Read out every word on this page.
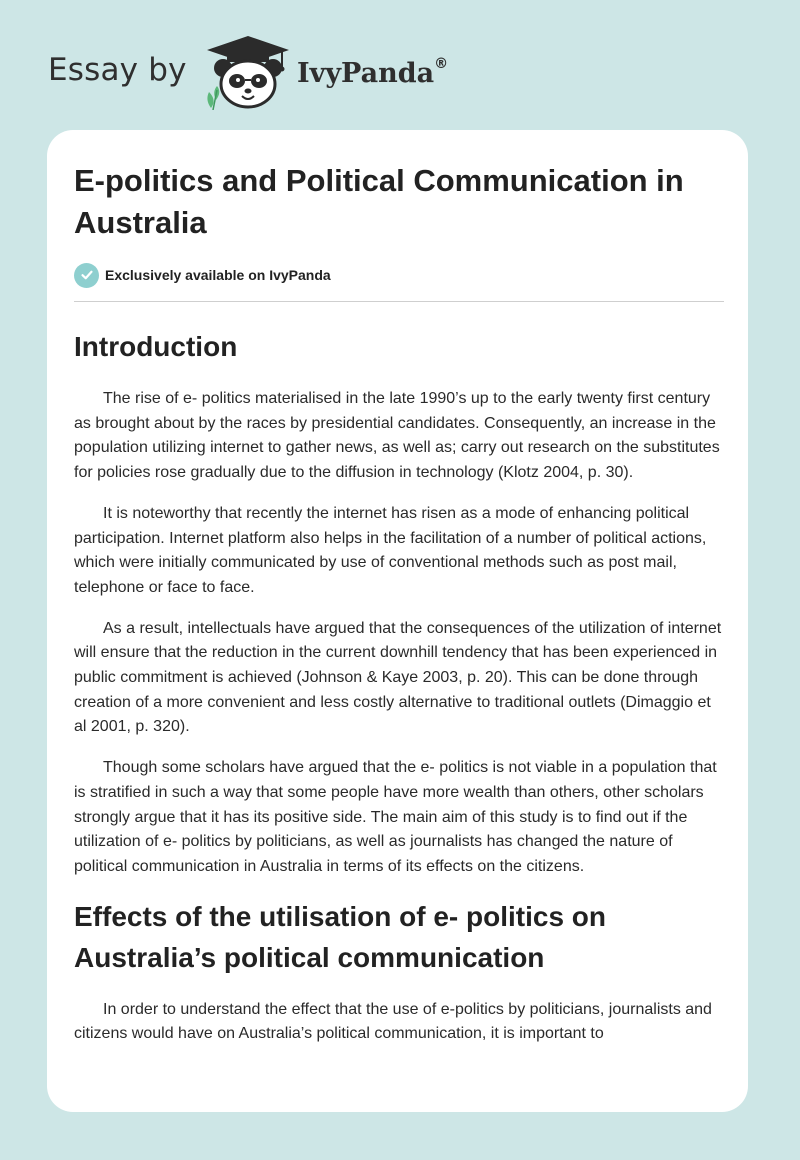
Essay by	IvyPanda®
E-politics and Political Communication in Australia
Exclusively available on IvyPanda
Introduction

The rise of e- politics materialised in the late 1990’s up to the early twenty first century as brought about by the races by presidential candidates. Consequently, an increase in the population utilizing internet to gather news, as well as; carry out research on the substitutes for policies rose gradually due to the diffusion in technology (Klotz 2004, p. 30).

It is noteworthy that recently the internet has risen as a mode of enhancing political participation. Internet platform also helps in the facilitation of a number of political actions, which were initially communicated by use of conventional methods such as post mail, telephone or face to face.

As a result, intellectuals have argued that the consequences of the utilization of internet will ensure that the reduction in the current downhill tendency that has been experienced in public commitment is achieved (Johnson & Kaye 2003, p. 20). This can be done through creation of a more convenient and less costly alternative to traditional outlets (Dimaggio et al 2001, p. 320).

Though some scholars have argued that the e- politics is not viable in a population that is stratified in such a way that some people have more wealth than others, other scholars strongly argue that it has its positive side. The main aim of this study is to find out if the utilization of e- politics by politicians, as well as journalists has changed the nature of political communication in Australia in terms of its effects on the citizens.

Effects of the utilisation of e- politics on Australia’s political communication

In order to understand the effect that the use of e-politics by politicians, journalists and citizens would have on Australia’s political communication, it is important to
